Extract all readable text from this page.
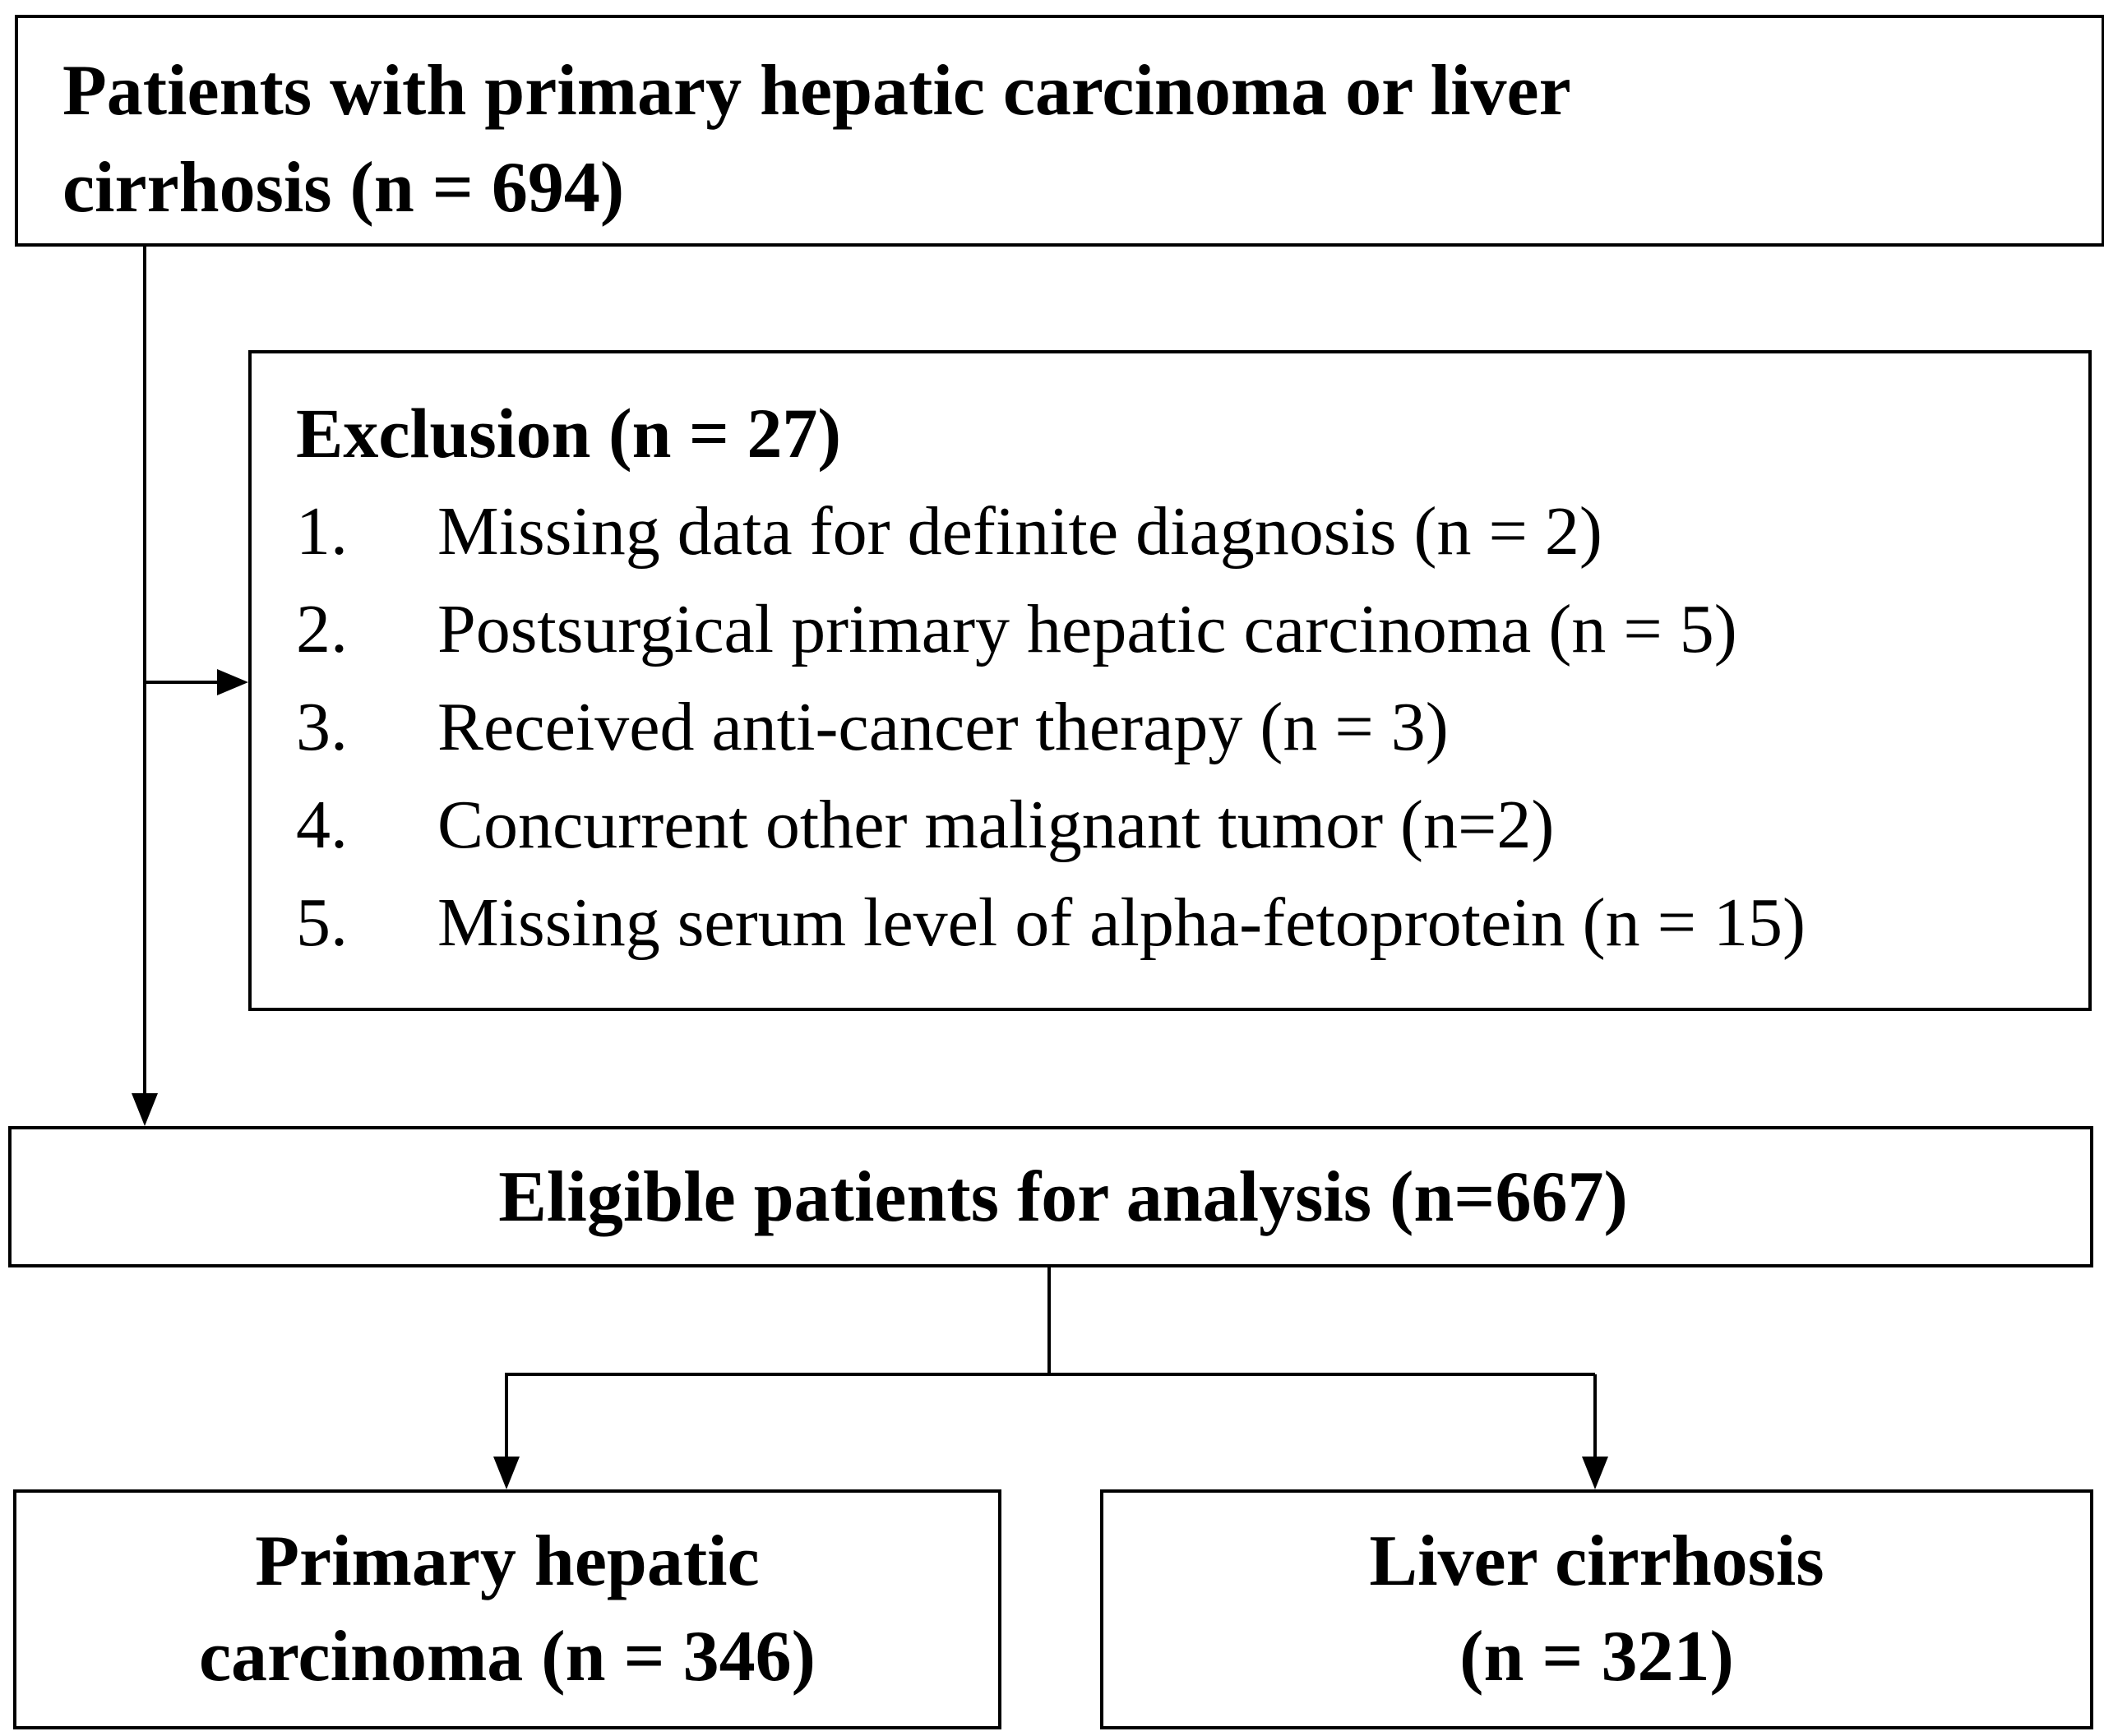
Patients with primary hepatic carcinoma or liver
cirrhosis (n = 694)
Exclusion (n = 27)
1. Missing data for definite diagnosis (n = 2)
2. Postsurgical primary hepatic carcinoma (n = 5)
3. Received anti-cancer therapy (n = 3)
4. Concurrent other malignant tumor (n=2)
5. Missing serum level of alpha-fetoprotein (n = 15)
Eligible patients for analysis (n=667)
Primary hepatic
carcinoma (n = 346)
Liver cirrhosis
(n = 321)
